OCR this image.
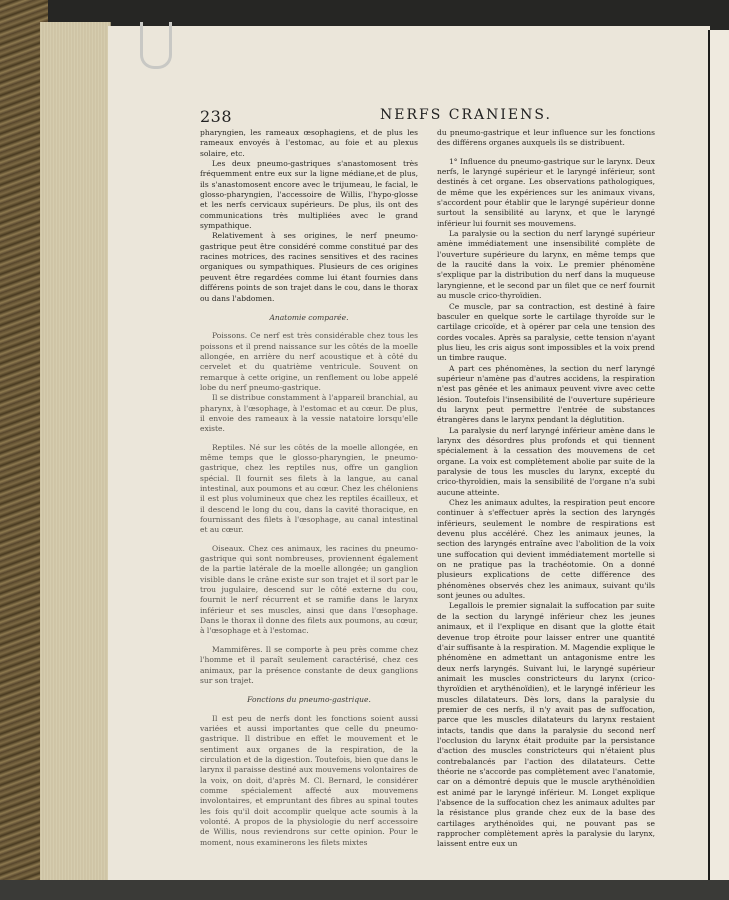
238	NERFS CRANIENS.

pharyngien, les rameaux œsophagiens, et de plus les rameaux envoyés à l'estomac, au foie et au plexus solaire, etc.

Les deux pneumo-gastriques s'anastomosent très fréquemment entre eux sur la ligne médiane,et de plus, ils s'anastomosent encore avec le trijumeau, le facial, le glosso-pharyngien, l'accessoire de Willis, l'hypo-glosse et les nerfs cervicaux supérieurs. De plus, ils ont des communications très multipliées avec le grand sympathique.

Relativement à ses origines, le nerf pneumo-gastrique peut être considéré comme constitué par des racines motrices, des racines sensitives et des racines organiques ou sympathiques. Plusieurs de ces origines peuvent être regardées comme lui étant fournies dans différens points de son trajet dans le cou, dans le thorax ou dans l'abdomen.

Anatomie comparée.

Poissons. Ce nerf est très considérable chez tous les poissons et il prend naissance sur les côtés de la moelle allongée, en arrière du nerf acoustique et à côté du cervelet et du quatrième ventricule. Souvent on remarque à cette origine, un renflement ou lobe appelé lobe du nerf pneumo-gastrique.

Il se distribue constamment à l'appareil branchial, au pharynx, à l'œsophage, à l'estomac et au cœur. De plus, il envoie des rameaux à la vessie natatoire lorsqu'elle existe.

Reptiles. Né sur les côtés de la moelle allongée, en même temps que le glosso-pharyngien, le pneumo-gastrique, chez les reptiles nus, offre un ganglion spécial. Il fournit ses filets à la langue, au canal intestinal, aux poumons et au cœur. Chez les chéloniens il est plus volumineux que chez les reptiles écailleux, et il descend le long du cou, dans la cavité thoracique, en fournissant des filets à l'œsophage, au canal intestinal et au cœur.

Oiseaux. Chez ces animaux, les racines du pneumo-gastrique qui sont nombreuses, proviennent également de la partie latérale de la moelle allongée; un ganglion visible dans le crâne existe sur son trajet et il sort par le trou jugulaire, descend sur le côté externe du cou, fournit le nerf récurrent et se ramifie dans le larynx inférieur et ses muscles, ainsi que dans l'œsophage. Dans le thorax il donne des filets aux poumons, au cœur, à l'œsophage et à l'estomac.

Mammifères. Il se comporte à peu près comme chez l'homme et il paraît seulement caractérisé, chez ces animaux, par la présence constante de deux ganglions sur son trajet.

Fonctions du pneumo-gastrique.

Il est peu de nerfs dont les fonctions soient aussi variées et aussi importantes que celle du pneumo-gastrique. Il distribue en effet le mouvement et le sentiment aux organes de la respiration, de la circulation et de la digestion. Toutefois, bien que dans le larynx il paraisse destiné aux mouvemens volontaires de la voix, on doit, d'après M. Cl. Bernard, le considérer comme spécialement affecté aux mouvemens involontaires, et empruntant des fibres au spinal toutes les fois qu'il doit accomplir quelque acte soumis à la volonté. A propos de la physiologie du nerf accessoire de Willis, nous reviendrons sur cette opinion. Pour le moment, nous examinerons les filets mixtes

du pneumo-gastrique et leur influence sur les fonctions des différens organes auxquels ils se distribuent.

1° Influence du pneumo-gastrique sur le larynx. Deux nerfs, le laryngé supérieur et le laryngé inférieur, sont destinés à cet organe. Les observations pathologiques, de même que les expériences sur les animaux vivans, s'accordent pour établir que le laryngé supérieur donne surtout la sensibilité au larynx, et que le laryngé inférieur lui fournit ses mouvemens.

La paralysie ou la section du nerf laryngé supérieur amène immédiatement une insensibilité complète de l'ouverture supérieure du larynx, en même temps que de la raucité dans la voix. Le premier phénomène s'explique par la distribution du nerf dans la muqueuse laryngienne, et le second par un filet que ce nerf fournit au muscle crico-thyroïdien.

Ce muscle, par sa contraction, est destiné à faire basculer en quelque sorte le cartilage thyroïde sur le cartilage cricoïde, et à opérer par cela une tension des cordes vocales. Après sa paralysie, cette tension n'ayant plus lieu, les cris aigus sont impossibles et la voix prend un timbre rauque.

A part ces phénomènes, la section du nerf laryngé supérieur n'amène pas d'autres accidens, la respiration n'est pas gênée et les animaux peuvent vivre avec cette lésion. Toutefois l'insensibilité de l'ouverture supérieure du larynx peut permettre l'entrée de substances étrangères dans le larynx pendant la déglutition.

La paralysie du nerf laryngé inférieur amène dans le larynx des désordres plus profonds et qui tiennent spécialement à la cessation des mouvemens de cet organe. La voix est complètement abolie par suite de la paralysie de tous les muscles du larynx, excepté du crico-thyroïdien, mais la sensibilité de l'organe n'a subi aucune atteinte.

Chez les animaux adultes, la respiration peut encore continuer à s'effectuer après la section des laryngés inférieurs, seulement le nombre de respirations est devenu plus accéléré. Chez les animaux jeunes, la section des laryngés entraîne avec l'abolition de la voix une suffocation qui devient immédiatement mortelle si on ne pratique pas la trachéotomie. On a donné plusieurs explications de cette différence des phénomènes observés chez les animaux, suivant qu'ils sont jeunes ou adultes.

Legallois le premier signalait la suffocation par suite de la section du laryngé inférieur chez les jeunes animaux, et il l'explique en disant que la glotte était devenue trop étroite pour laisser entrer une quantité d'air suffisante à la respiration. M. Magendie explique le phénomène en admettant un antagonisme entre les deux nerfs laryngés. Suivant lui, le laryngé supérieur animait les muscles constricteurs du larynx (crico-thyroïdien et arythénoïdien), et le laryngé inférieur les muscles dilatateurs. Dès lors, dans la paralysie du premier de ces nerfs, il n'y avait pas de suffocation, parce que les muscles dilatateurs du larynx restaient intacts, tandis que dans la paralysie du second nerf l'occlusion du larynx était produite par la persistance d'action des muscles constricteurs qui n'étaient plus contrebalancés par l'action des dilatateurs. Cette théorie ne s'accorde pas complètement avec l'anatomie, car on a démontré depuis que le muscle arythénoïdien est animé par le laryngé inférieur. M. Longet explique l'absence de la suffocation chez les animaux adultes par la résistance plus grande chez eux de la base des cartilages arythénoïdes qui, ne pouvant pas se rapprocher complètement après la paralysie du larynx, laissent entre eux un
